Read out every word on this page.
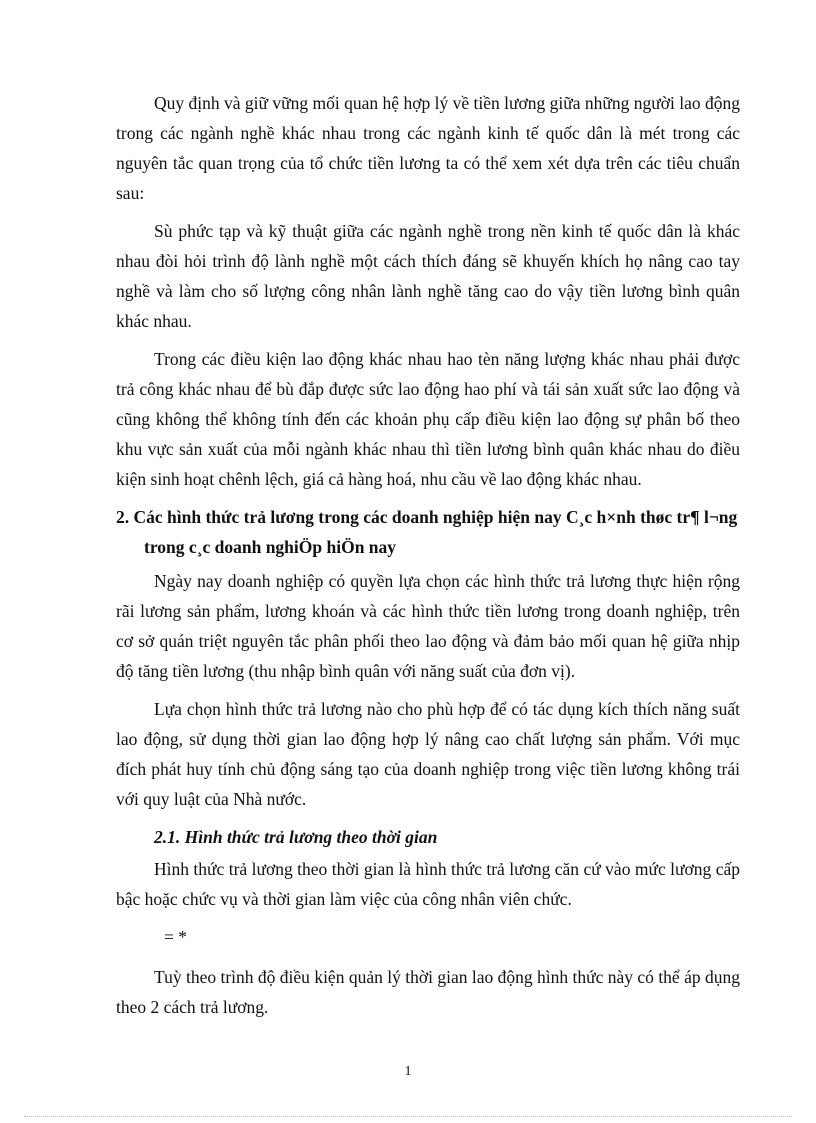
Quy định và giữ vững mối quan hệ hợp lý về tiền lương giữa những người lao động trong các ngành nghề khác nhau trong các ngành kinh tế quốc dân là mét trong các nguyên tắc quan trọng của tổ chức tiền lương ta có thể xem xét dựa trên các tiêu chuẩn sau:

Sù phức tạp và kỹ thuật giữa các ngành nghề trong nền kinh tế quốc dân là khác nhau đòi hỏi trình độ lành nghề một cách thích đáng sẽ khuyến khích họ nâng cao tay nghề và làm cho số lượng công nhân lành nghề tăng cao do vậy tiền lương bình quân khác nhau.

Trong các điều kiện lao động khác nhau hao tèn năng lượng khác nhau phải được trả công khác nhau để bù đắp được sức lao động hao phí và tái sản xuất sức lao động và cũng không thể không tính đến các khoản phụ cấp điều kiện lao động sự phân bố theo khu vực sản xuất của mỗi ngành khác nhau thì tiền lương bình quân khác nhau do điều kiện sinh hoạt chênh lệch, giá cả hàng hoá, nhu cầu về lao động khác nhau.

2. Các hình thức trả lương trong các doanh nghiệp hiện nay C¸c h×nh thøc tr¶ l¬ng trong c¸c doanh nghiÖp hiÖn nay

Ngày nay doanh nghiệp có quyền lựa chọn các hình thức trả lương thực hiện rộng rãi lương sản phẩm, lương khoán và các hình thức tiền lương trong doanh nghiệp, trên cơ sở quán triệt nguyên tắc phân phối theo lao động và đảm bảo mối quan hệ giữa nhịp độ tăng tiền lương (thu nhập bình quân với năng suất của đơn vị).

Lựa chọn hình thức trả lương nào cho phù hợp để có tác dụng kích thích năng suất lao động, sử dụng thời gian lao động hợp lý nâng cao chất lượng sản phẩm. Với mục đích phát huy tính chủ động sáng tạo của doanh nghiệp trong việc tiền lương không trái với quy luật của Nhà nước.

2.1. Hình thức trả lương theo thời gian

Hình thức trả lương theo thời gian là hình thức trả lương căn cứ vào mức lương cấp bậc hoặc chức vụ và thời gian làm việc của công nhân viên chức.

= *

Tuỳ theo trình độ điều kiện quản lý thời gian lao động hình thức này có thể áp dụng theo 2 cách trả lương.

1
